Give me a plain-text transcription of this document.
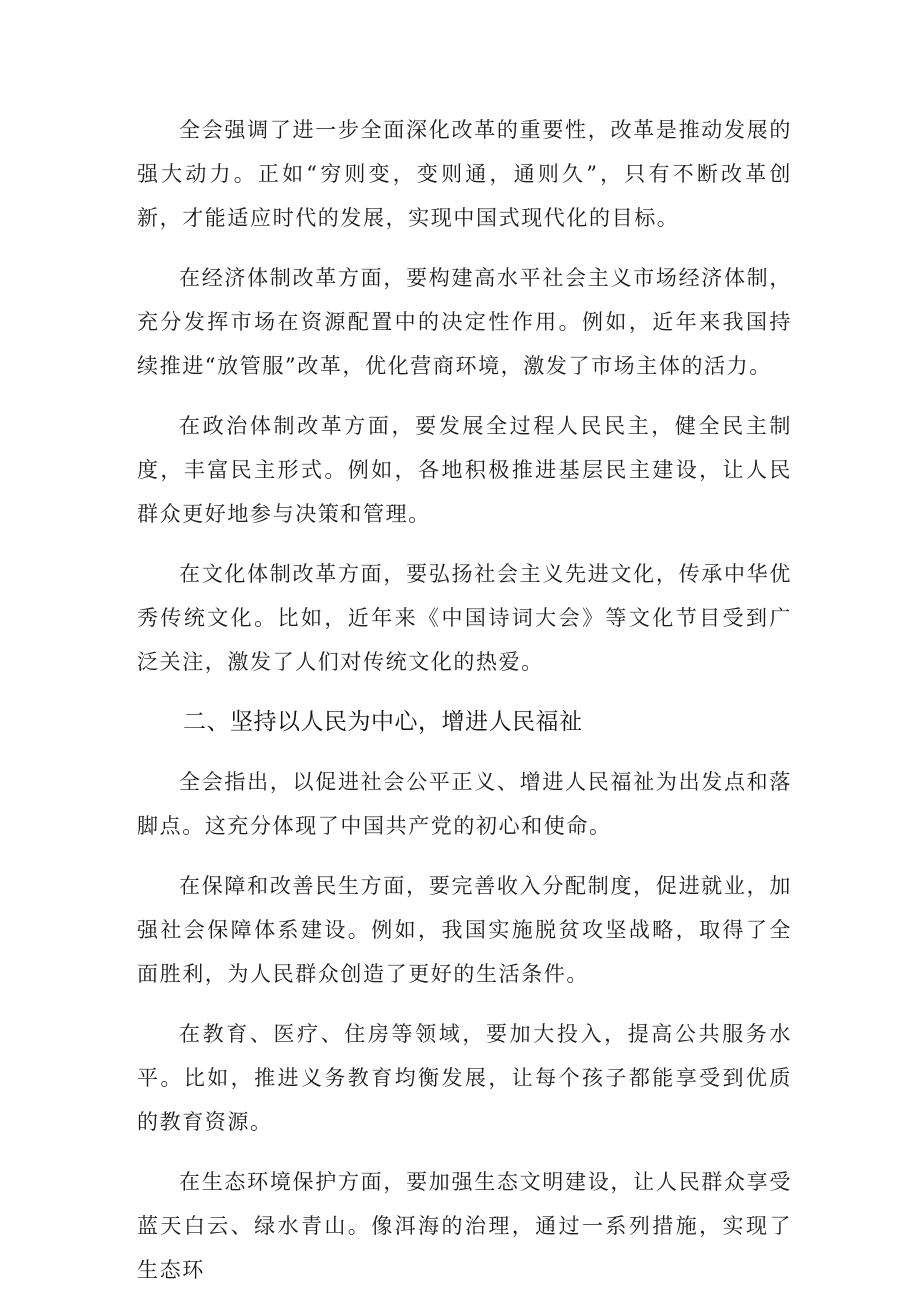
全会强调了进一步全面深化改革的重要性，改革是推动发展的强大动力。正如“穷则变，变则通，通则久”，只有不断改革创新，才能适应时代的发展，实现中国式现代化的目标。

在经济体制改革方面，要构建高水平社会主义市场经济体制，充分发挥市场在资源配置中的决定性作用。例如，近年来我国持续推进“放管服”改革，优化营商环境，激发了市场主体的活力。

在政治体制改革方面，要发展全过程人民民主，健全民主制度，丰富民主形式。例如，各地积极推进基层民主建设，让人民群众更好地参与决策和管理。

在文化体制改革方面，要弘扬社会主义先进文化，传承中华优秀传统文化。比如，近年来《中国诗词大会》等文化节目受到广泛关注，激发了人们对传统文化的热爱。

二、坚持以人民为中心，增进人民福祉

全会指出，以促进社会公平正义、增进人民福祉为出发点和落脚点。这充分体现了中国共产党的初心和使命。

在保障和改善民生方面，要完善收入分配制度，促进就业，加强社会保障体系建设。例如，我国实施脱贫攻坚战略，取得了全面胜利，为人民群众创造了更好的生活条件。

在教育、医疗、住房等领域，要加大投入，提高公共服务水平。比如，推进义务教育均衡发展，让每个孩子都能享受到优质的教育资源。

在生态环境保护方面，要加强生态文明建设，让人民群众享受蓝天白云、绿水青山。像洱海的治理，通过一系列措施，实现了生态环
